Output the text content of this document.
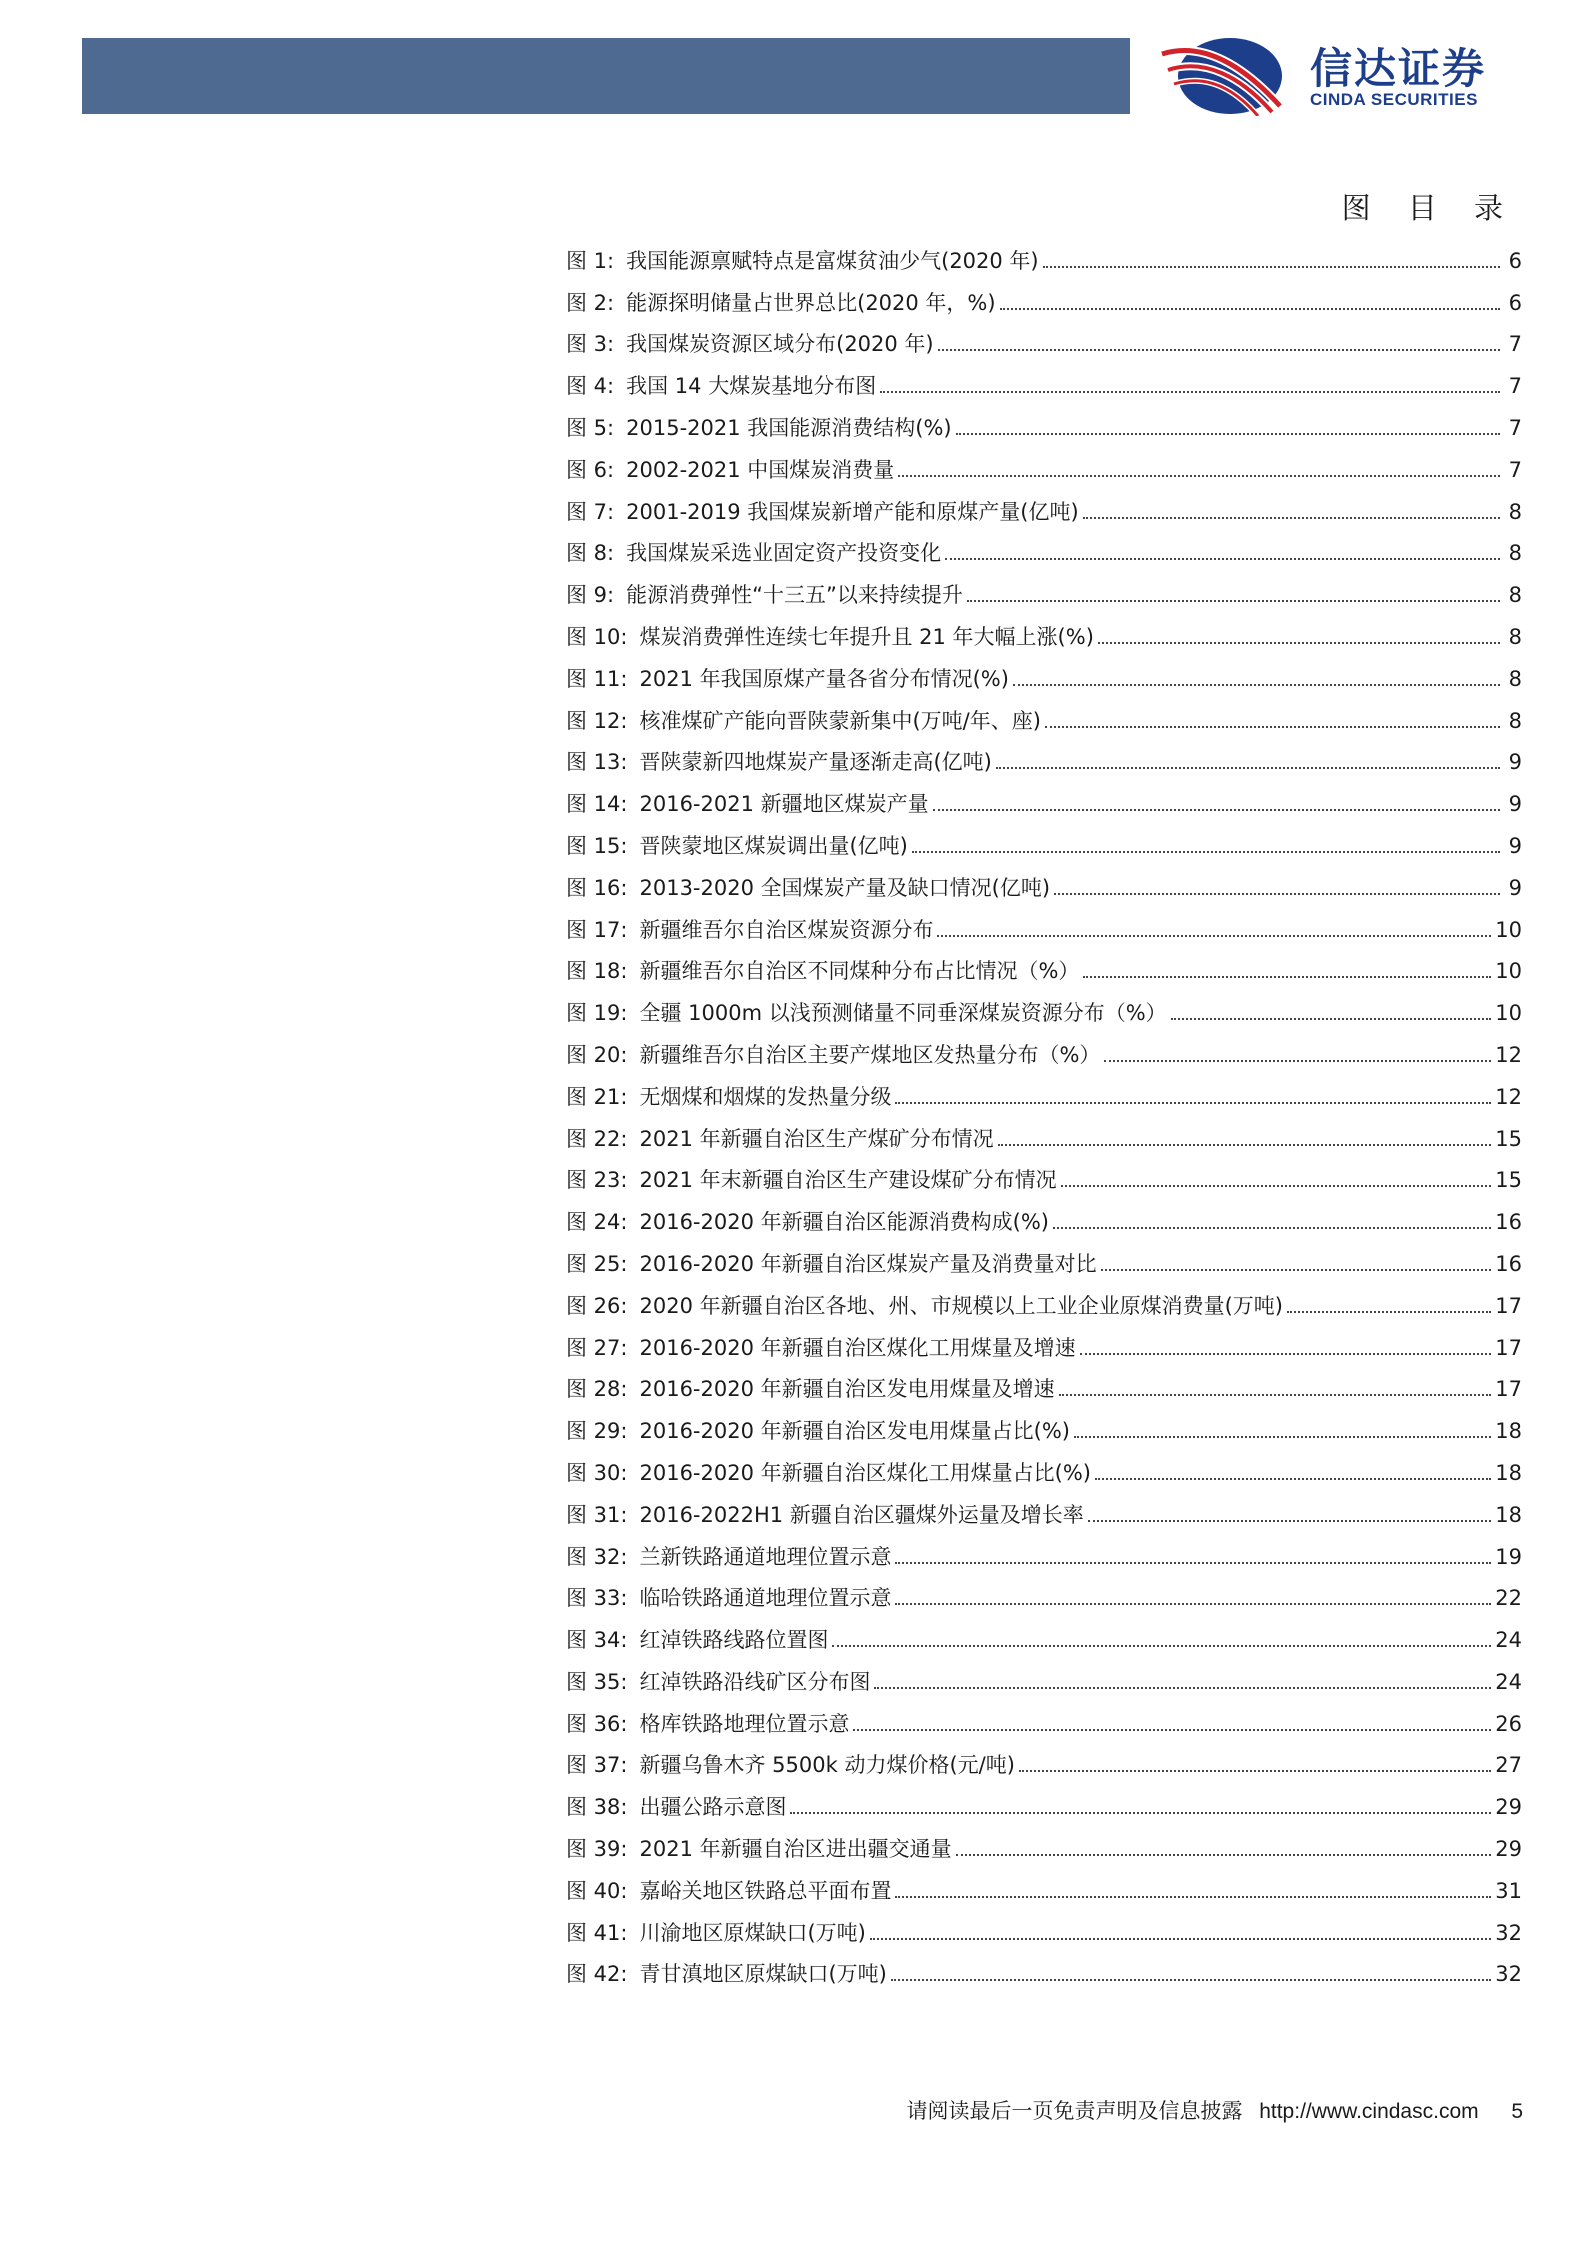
信达证券
CINDA SECURITIES
图 目 录
图 1: 我国能源禀赋特点是富煤贫油少气(2020 年)	6
图 2: 能源探明储量占世界总比(2020 年，%)	6
图 3: 我国煤炭资源区域分布(2020 年)	7
图 4: 我国 14 大煤炭基地分布图	7
图 5: 2015-2021 我国能源消费结构(%)	7
图 6: 2002-2021 中国煤炭消费量	7
图 7: 2001-2019 我国煤炭新增产能和原煤产量(亿吨)	8
图 8: 我国煤炭采选业固定资产投资变化	8
图 9: 能源消费弹性“十三五”以来持续提升	8
图 10: 煤炭消费弹性连续七年提升且 21 年大幅上涨(%)	8
图 11: 2021 年我国原煤产量各省分布情况(%)	8
图 12: 核准煤矿产能向晋陕蒙新集中(万吨/年、座)	8
图 13: 晋陕蒙新四地煤炭产量逐渐走高(亿吨)	9
图 14: 2016-2021 新疆地区煤炭产量	9
图 15: 晋陕蒙地区煤炭调出量(亿吨)	9
图 16: 2013-2020 全国煤炭产量及缺口情况(亿吨)	9
图 17: 新疆维吾尔自治区煤炭资源分布	10
图 18: 新疆维吾尔自治区不同煤种分布占比情况（%）	10
图 19: 全疆 1000m 以浅预测储量不同垂深煤炭资源分布（%）	10
图 20: 新疆维吾尔自治区主要产煤地区发热量分布（%）	12
图 21: 无烟煤和烟煤的发热量分级	12
图 22: 2021 年新疆自治区生产煤矿分布情况	15
图 23: 2021 年末新疆自治区生产建设煤矿分布情况	15
图 24: 2016-2020 年新疆自治区能源消费构成(%)	16
图 25: 2016-2020 年新疆自治区煤炭产量及消费量对比	16
图 26: 2020 年新疆自治区各地、州、市规模以上工业企业原煤消费量(万吨)	17
图 27: 2016-2020 年新疆自治区煤化工用煤量及增速	17
图 28: 2016-2020 年新疆自治区发电用煤量及增速	17
图 29: 2016-2020 年新疆自治区发电用煤量占比(%)	18
图 30: 2016-2020 年新疆自治区煤化工用煤量占比(%)	18
图 31: 2016-2022H1 新疆自治区疆煤外运量及增长率	18
图 32: 兰新铁路通道地理位置示意	19
图 33: 临哈铁路通道地理位置示意	22
图 34: 红淖铁路线路位置图	24
图 35: 红淖铁路沿线矿区分布图	24
图 36: 格库铁路地理位置示意	26
图 37: 新疆乌鲁木齐 5500k 动力煤价格(元/吨)	27
图 38: 出疆公路示意图	29
图 39: 2021 年新疆自治区进出疆交通量	29
图 40: 嘉峪关地区铁路总平面布置	31
图 41: 川渝地区原煤缺口(万吨)	32
图 42: 青甘滇地区原煤缺口(万吨)	32
请阅读最后一页免责声明及信息披露 http://www.cindasc.com 5
